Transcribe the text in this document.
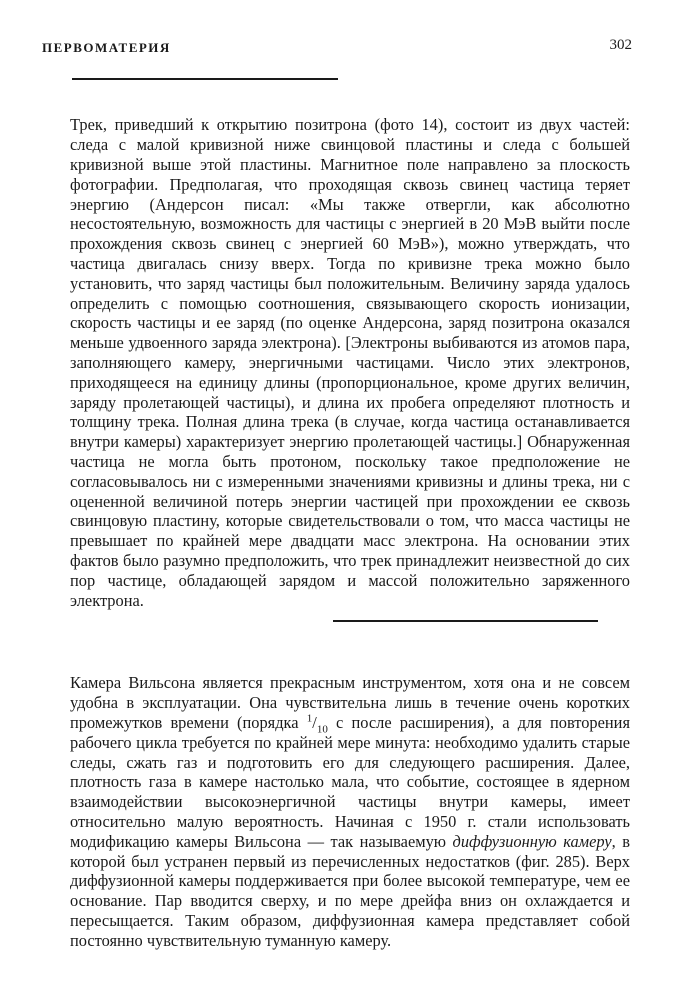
ПЕРВОМАТЕРИЯ	302

Трек, приведший к открытию позитрона (фото 14), состоит из двух частей: следа с малой кривизной ниже свинцовой пластины и следа с большей кривизной выше этой пластины. Магнитное поле направлено за плоскость фотографии. Предполагая, что проходящая сквозь свинец частица теряет энергию (Андерсон писал: «Мы также отвергли, как абсолютно несостоятельную, возможность для частицы с энергией в 20 МэВ выйти после прохождения сквозь свинец с энергией 60 МэВ»), можно утверждать, что частица двигалась снизу вверх. Тогда по кривизне трека можно было установить, что заряд частицы был положительным. Величину заряда удалось определить с помощью соотношения, связывающего скорость ионизации, скорость частицы и ее заряд (по оценке Андерсона, заряд позитрона оказался меньше удвоенного заряда электрона). [Электроны выбиваются из атомов пара, заполняющего камеру, энергичными частицами. Число этих электронов, приходящееся на единицу длины (пропорциональное, кроме других величин, заряду пролетающей частицы), и длина их пробега определяют плотность и толщину трека. Полная длина трека (в случае, когда частица останавливается внутри камеры) характеризует энергию пролетающей частицы.] Обнаруженная частица не могла быть протоном, поскольку такое предположение не согласовывалось ни с измеренными значениями кривизны и длины трека, ни с оцененной величиной потерь энергии частицей при прохождении ее сквозь свинцовую пластину, которые свидетельствовали о том, что масса частицы не превышает по крайней мере двадцати масс электрона. На основании этих фактов было разумно предположить, что трек принадлежит неизвестной до сих пор частице, обладающей зарядом и массой положительно заряженного электрона.

Камера Вильсона является прекрасным инструментом, хотя она и не совсем удобна в эксплуатации. Она чувствительна лишь в течение очень коротких промежутков времени (порядка $^1/_{10}$ с после расширения), а для повторения рабочего цикла требуется по крайней мере минута: необходимо удалить старые следы, сжать газ и подготовить его для следующего расширения. Далее, плотность газа в камере настолько мала, что событие, состоящее в ядерном взаимодействии высокоэнергичной частицы внутри камеры, имеет относительно малую вероятность. Начиная с 1950 г. стали использовать модификацию камеры Вильсона — так называемую диффузионную камеру, в которой был устранен первый из перечисленных недостатков (фиг. 285). Верх диффузионной камеры поддерживается при более высокой температуре, чем ее основание. Пар вводится сверху, и по мере дрейфа вниз он охлаждается и пересыщается. Таким образом, диффузионная камера представляет собой постоянно чувствительную туманную камеру.
